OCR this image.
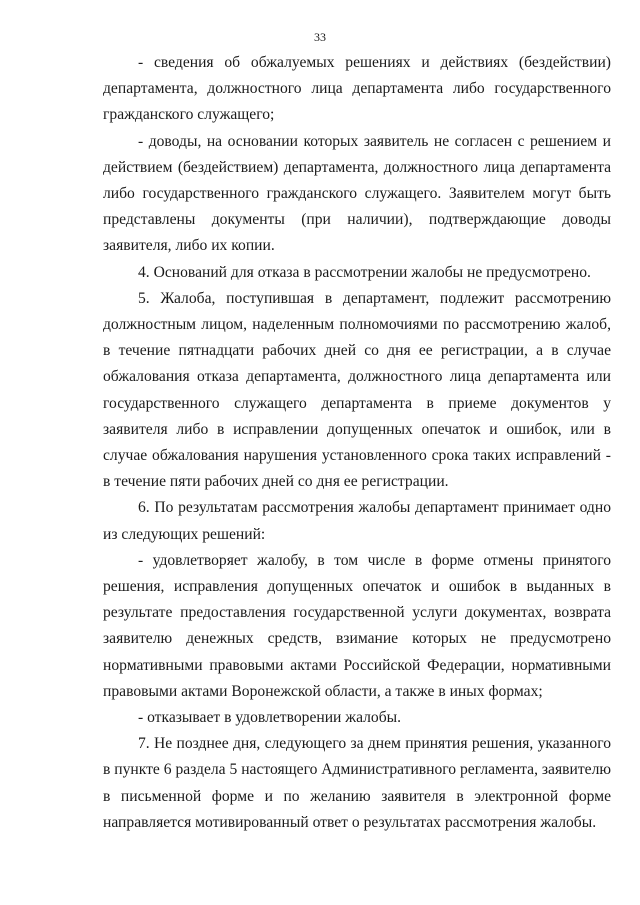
33

- сведения об обжалуемых решениях и действиях (бездействии) департамента, должностного лица департамента либо государственного гражданского служащего;

- доводы, на основании которых заявитель не согласен с решением и действием (бездействием) департамента, должностного лица департамента либо государственного гражданского служащего. Заявителем могут быть представлены документы (при наличии), подтверждающие доводы заявителя, либо их копии.

4. Оснований для отказа в рассмотрении жалобы не предусмотрено.

5. Жалоба, поступившая в департамент, подлежит рассмотрению должностным лицом, наделенным полномочиями по рассмотрению жалоб, в течение пятнадцати рабочих дней со дня ее регистрации, а в случае обжалования отказа департамента, должностного лица департамента или государственного служащего департамента в приеме документов у заявителя либо в исправлении допущенных опечаток и ошибок, или в случае обжалования нарушения установленного срока таких исправлений - в течение пяти рабочих дней со дня ее регистрации.

6. По результатам рассмотрения жалобы департамент принимает одно из следующих решений:

- удовлетворяет жалобу, в том числе в форме отмены принятого решения, исправления допущенных опечаток и ошибок в выданных в результате предоставления государственной услуги документах, возврата заявителю денежных средств, взимание которых не предусмотрено нормативными правовыми актами Российской Федерации, нормативными правовыми актами Воронежской области, а также в иных формах;

- отказывает в удовлетворении жалобы.

7. Не позднее дня, следующего за днем принятия решения, указанного в пункте 6 раздела 5 настоящего Административного регламента, заявителю в письменной форме и по желанию заявителя в электронной форме направляется мотивированный ответ о результатах рассмотрения жалобы.
